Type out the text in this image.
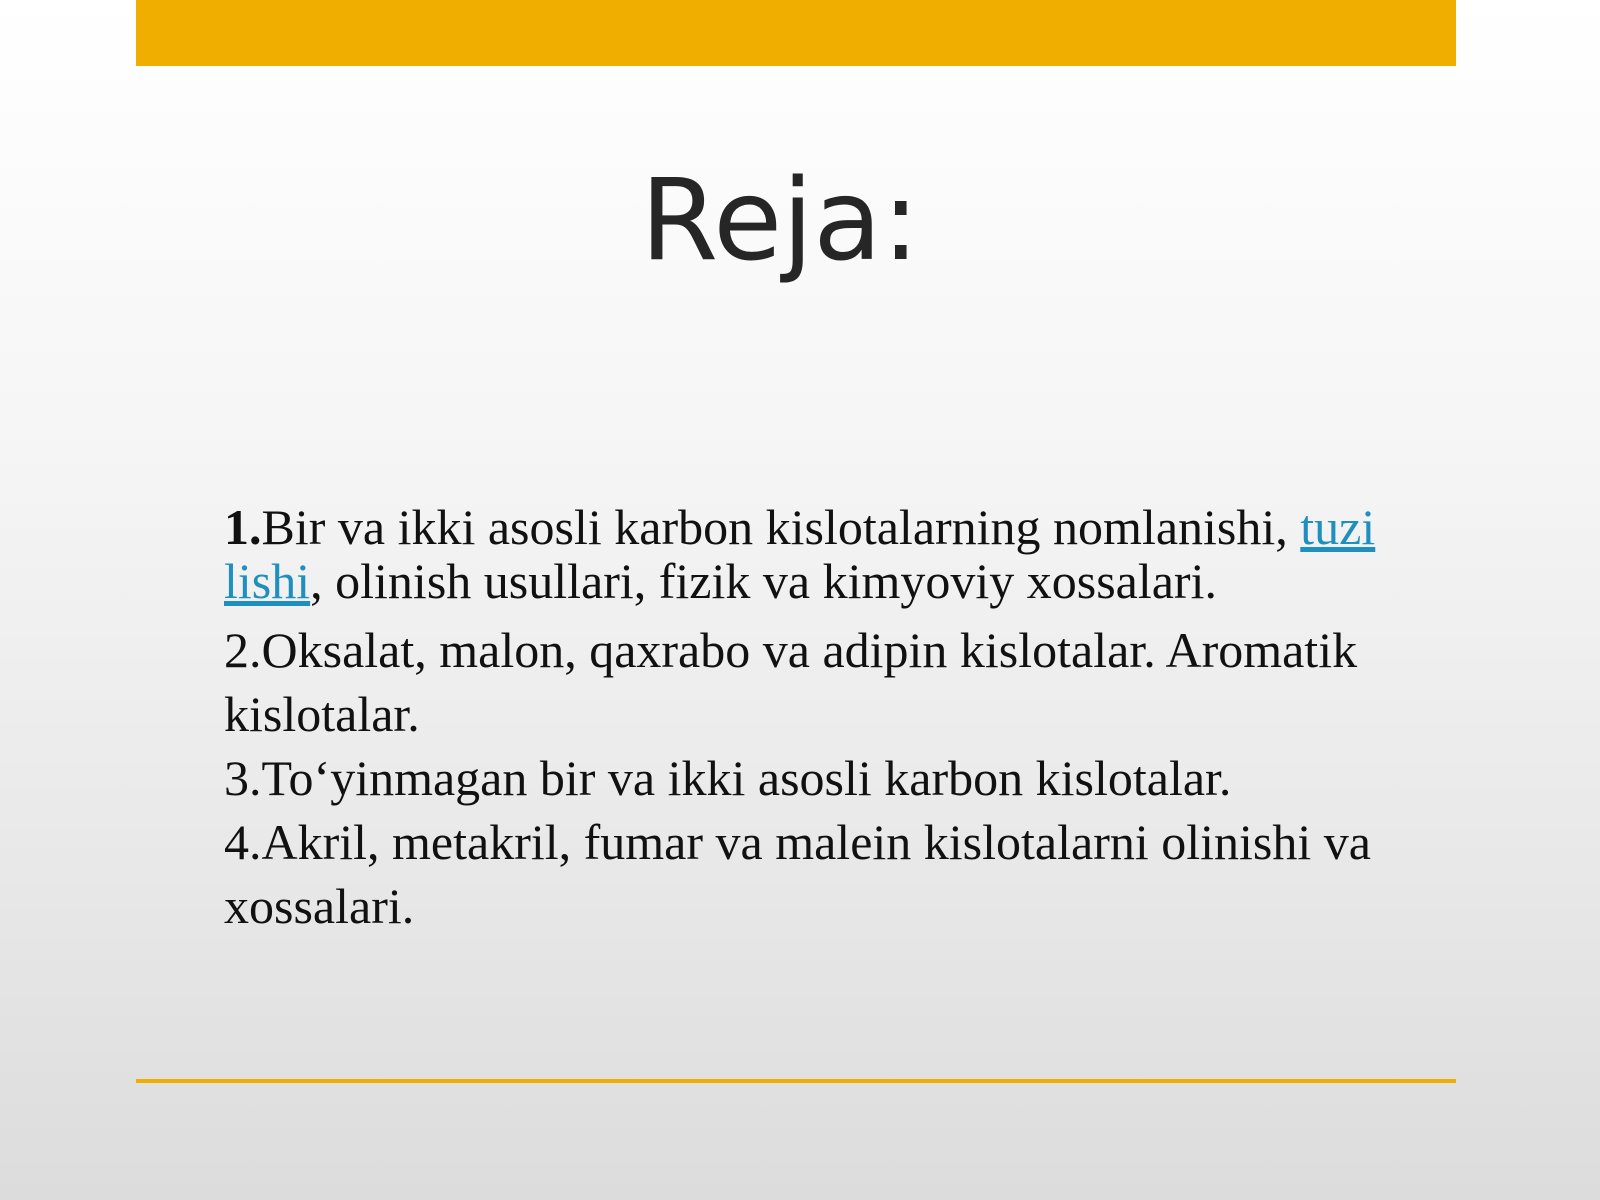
Reja:
1.Bir va ikki asosli karbon kislotalarning nomlanishi, tuzi lishi, olinish usullari, fizik va kimyoviy xossalari.
2.Oksalat, malon, qaxrabo va adipin kislotalar. Aromatik kislotalar.
3.To‘yinmagan bir va ikki asosli karbon kislotalar.
4.Akril, metakril, fumar va malein kislotalarni olinishi va xossalari.
